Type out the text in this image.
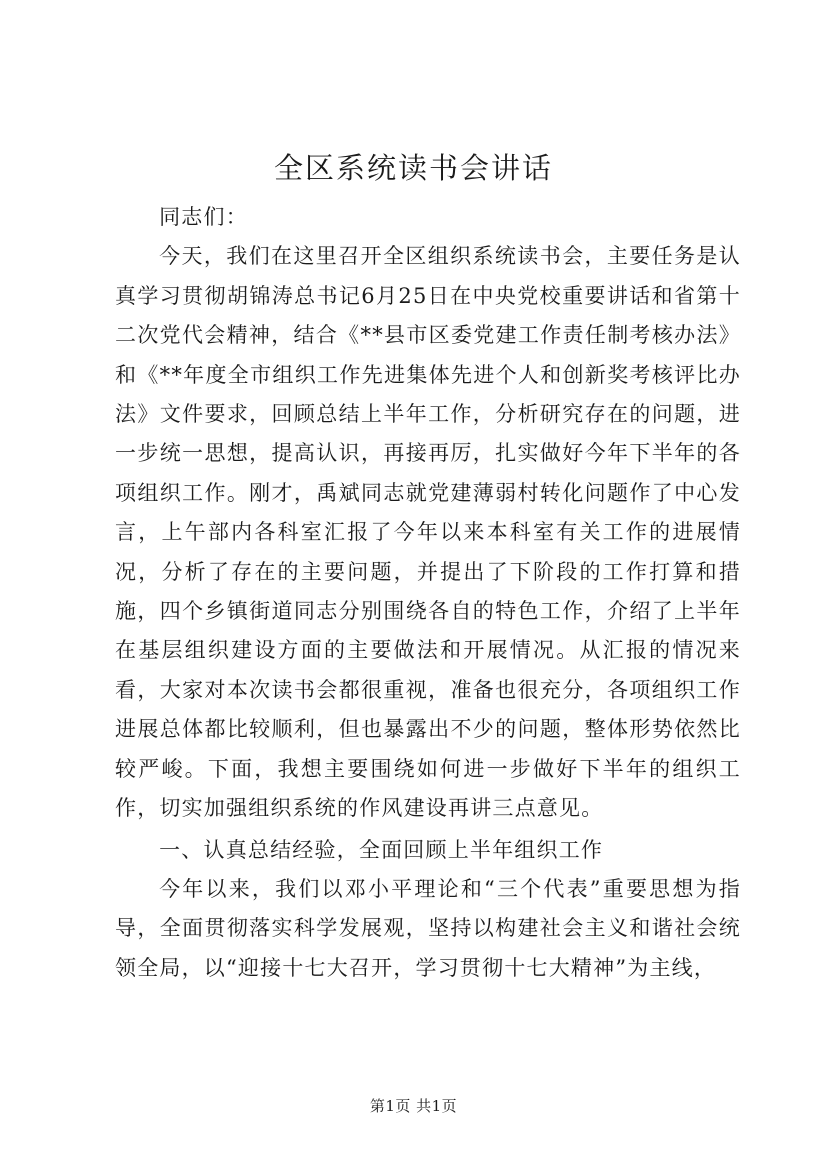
全区系统读书会讲话

同志们：

今天，我们在这里召开全区组织系统读书会，主要任务是认真学习贯彻胡锦涛总书记6月25日在中央党校重要讲话和省第十二次党代会精神，结合《**县市区委党建工作责任制考核办法》和《**年度全市组织工作先进集体先进个人和创新奖考核评比办法》文件要求，回顾总结上半年工作，分析研究存在的问题，进一步统一思想，提高认识，再接再厉，扎实做好今年下半年的各项组织工作。刚才，禹斌同志就党建薄弱村转化问题作了中心发言，上午部内各科室汇报了今年以来本科室有关工作的进展情况，分析了存在的主要问题，并提出了下阶段的工作打算和措施，四个乡镇街道同志分别围绕各自的特色工作，介绍了上半年在基层组织建设方面的主要做法和开展情况。从汇报的情况来看，大家对本次读书会都很重视，准备也很充分，各项组织工作进展总体都比较顺利，但也暴露出不少的问题，整体形势依然比较严峻。下面，我想主要围绕如何进一步做好下半年的组织工作，切实加强组织系统的作风建设再讲三点意见。

一、认真总结经验，全面回顾上半年组织工作

今年以来，我们以邓小平理论和“三个代表”重要思想为指导，全面贯彻落实科学发展观，坚持以构建社会主义和谐社会统领全局，以“迎接十七大召开，学习贯彻十七大精神”为主线，

第1页 共1页
